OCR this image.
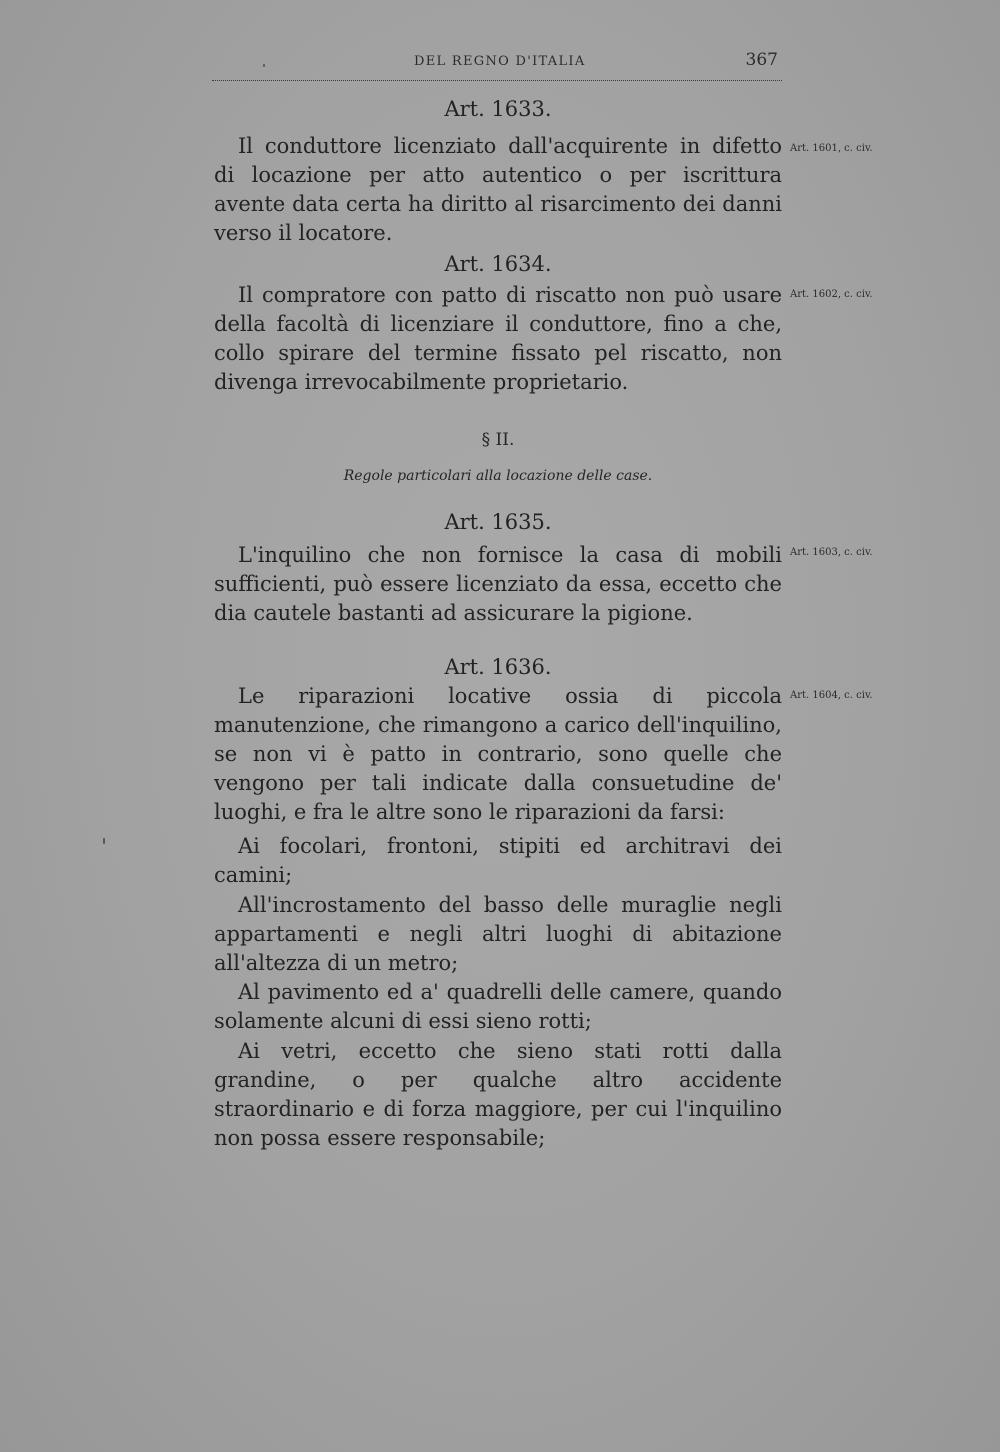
DEL REGNO D'ITALIA	367
Art. 1633.
Il conduttore licenziato dall'acquirente in difetto di locazione per atto autentico o per iscrittura avente data certa ha diritto al risarcimento dei danni verso il locatore.
Art. 1601, c. civ.
Art. 1634.
Il compratore con patto di riscatto non può usare della facoltà di licenziare il conduttore, fino a che, collo spirare del termine fissato pel riscatto, non divenga irrevocabilmente proprietario.
Art. 1602, c. civ.
§ II.
Regole particolari alla locazione delle case.
Art. 1635.
L'inquilino che non fornisce la casa di mobili sufficienti, può essere licenziato da essa, eccetto che dia cautele bastanti ad assicurare la pigione.
Art. 1603, c. civ.
Art. 1636.
Le riparazioni locative ossia di piccola manutenzione, che rimangono a carico dell'inquilino, se non vi è patto in contrario, sono quelle che vengono per tali indicate dalla consuetudine de' luoghi, e fra le altre sono le riparazioni da farsi:
Art. 1604, c. civ.
Ai focolari, frontoni, stipiti ed architravi dei camini;
All'incrostamento del basso delle muraglie negli appartamenti e negli altri luoghi di abitazione all'altezza di un metro;
Al pavimento ed a' quadrelli delle camere, quando solamente alcuni di essi sieno rotti;
Ai vetri, eccetto che sieno stati rotti dalla grandine, o per qualche altro accidente straordinario e di forza maggiore, per cui l'inquilino non possa essere responsabile;
